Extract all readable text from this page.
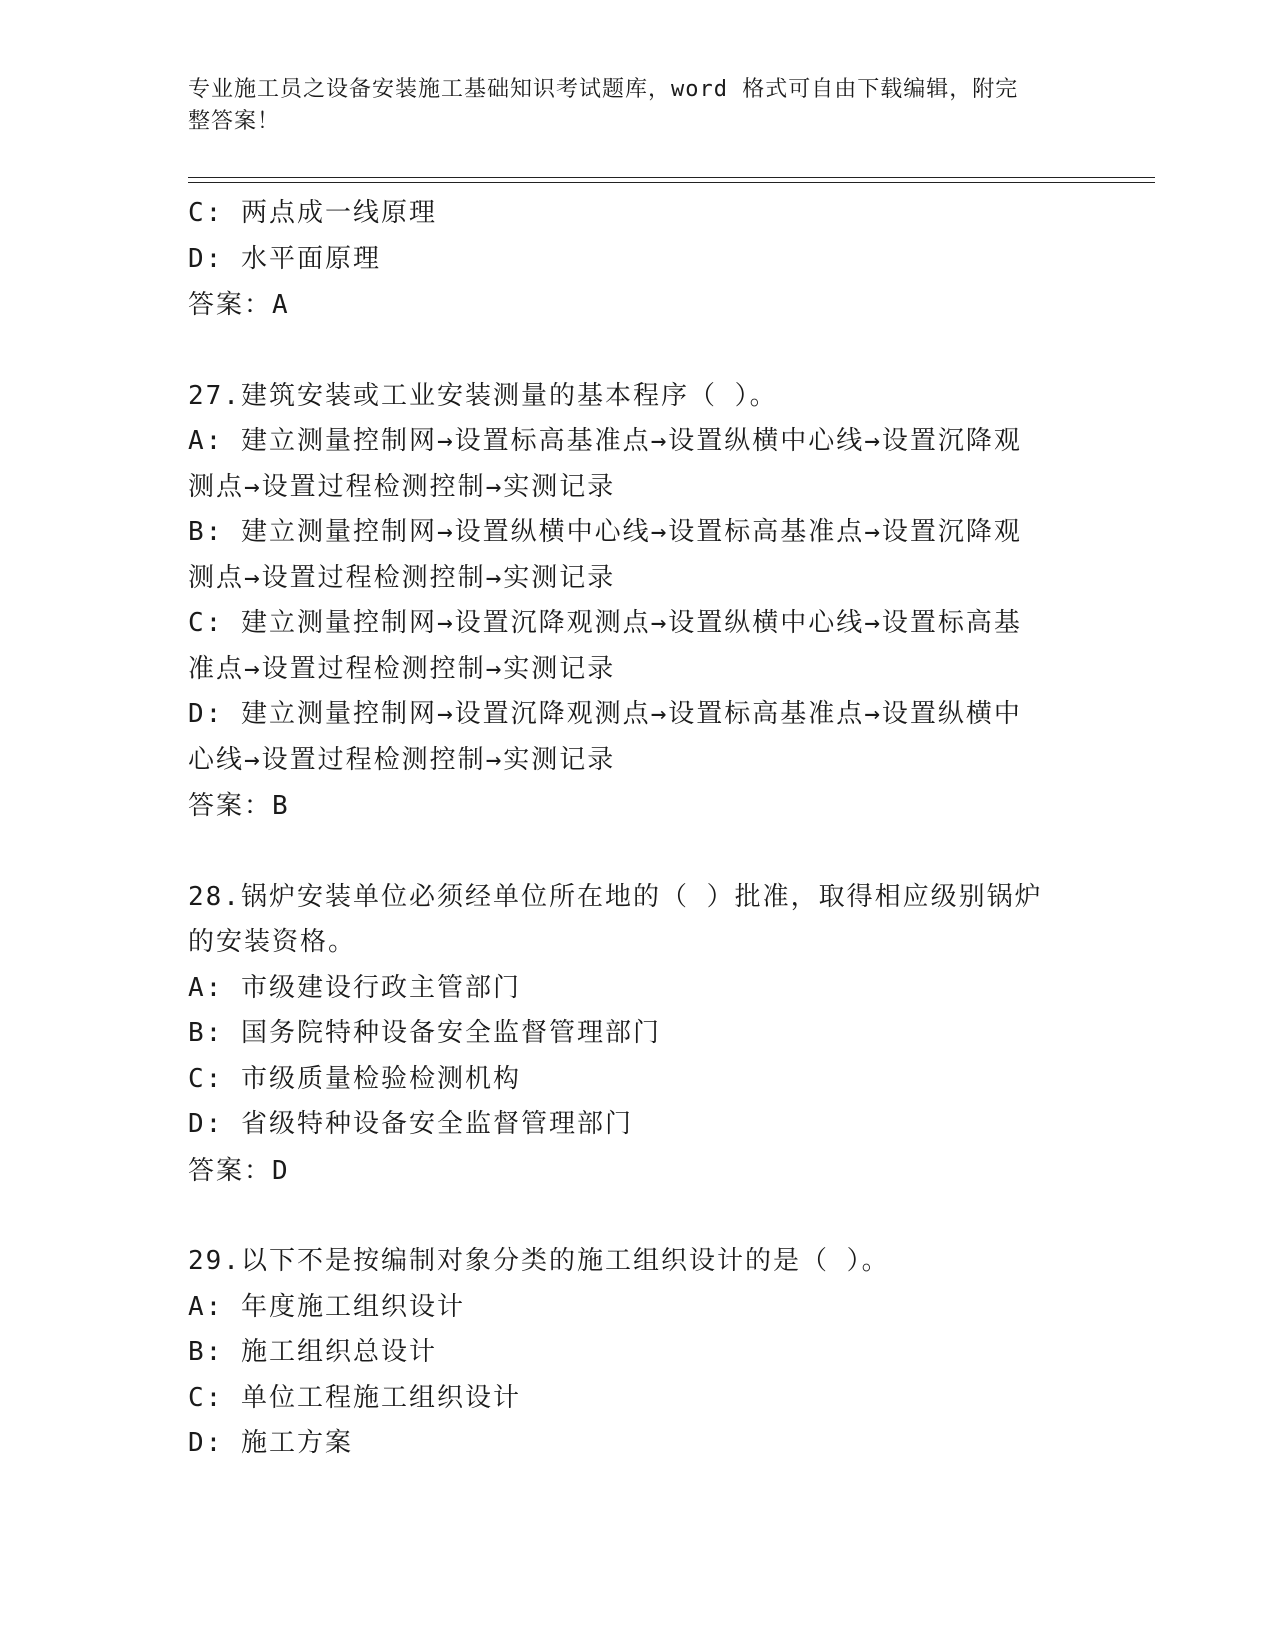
专业施工员之设备安装施工基础知识考试题库，word 格式可自由下载编辑，附完
整答案！
C: 两点成一线原理
D: 水平面原理
答案：A
27.建筑安装或工业安装测量的基本程序（ ）。
A: 建立测量控制网→设置标高基准点→设置纵横中心线→设置沉降观
测点→设置过程检测控制→实测记录
B: 建立测量控制网→设置纵横中心线→设置标高基准点→设置沉降观
测点→设置过程检测控制→实测记录
C: 建立测量控制网→设置沉降观测点→设置纵横中心线→设置标高基
准点→设置过程检测控制→实测记录
D: 建立测量控制网→设置沉降观测点→设置标高基准点→设置纵横中
心线→设置过程检测控制→实测记录
答案：B
28.锅炉安装单位必须经单位所在地的（ ）批准，取得相应级别锅炉
的安装资格。
A: 市级建设行政主管部门
B: 国务院特种设备安全监督管理部门
C: 市级质量检验检测机构
D: 省级特种设备安全监督管理部门
答案：D
29.以下不是按编制对象分类的施工组织设计的是（ ）。
A: 年度施工组织设计
B: 施工组织总设计
C: 单位工程施工组织设计
D: 施工方案
